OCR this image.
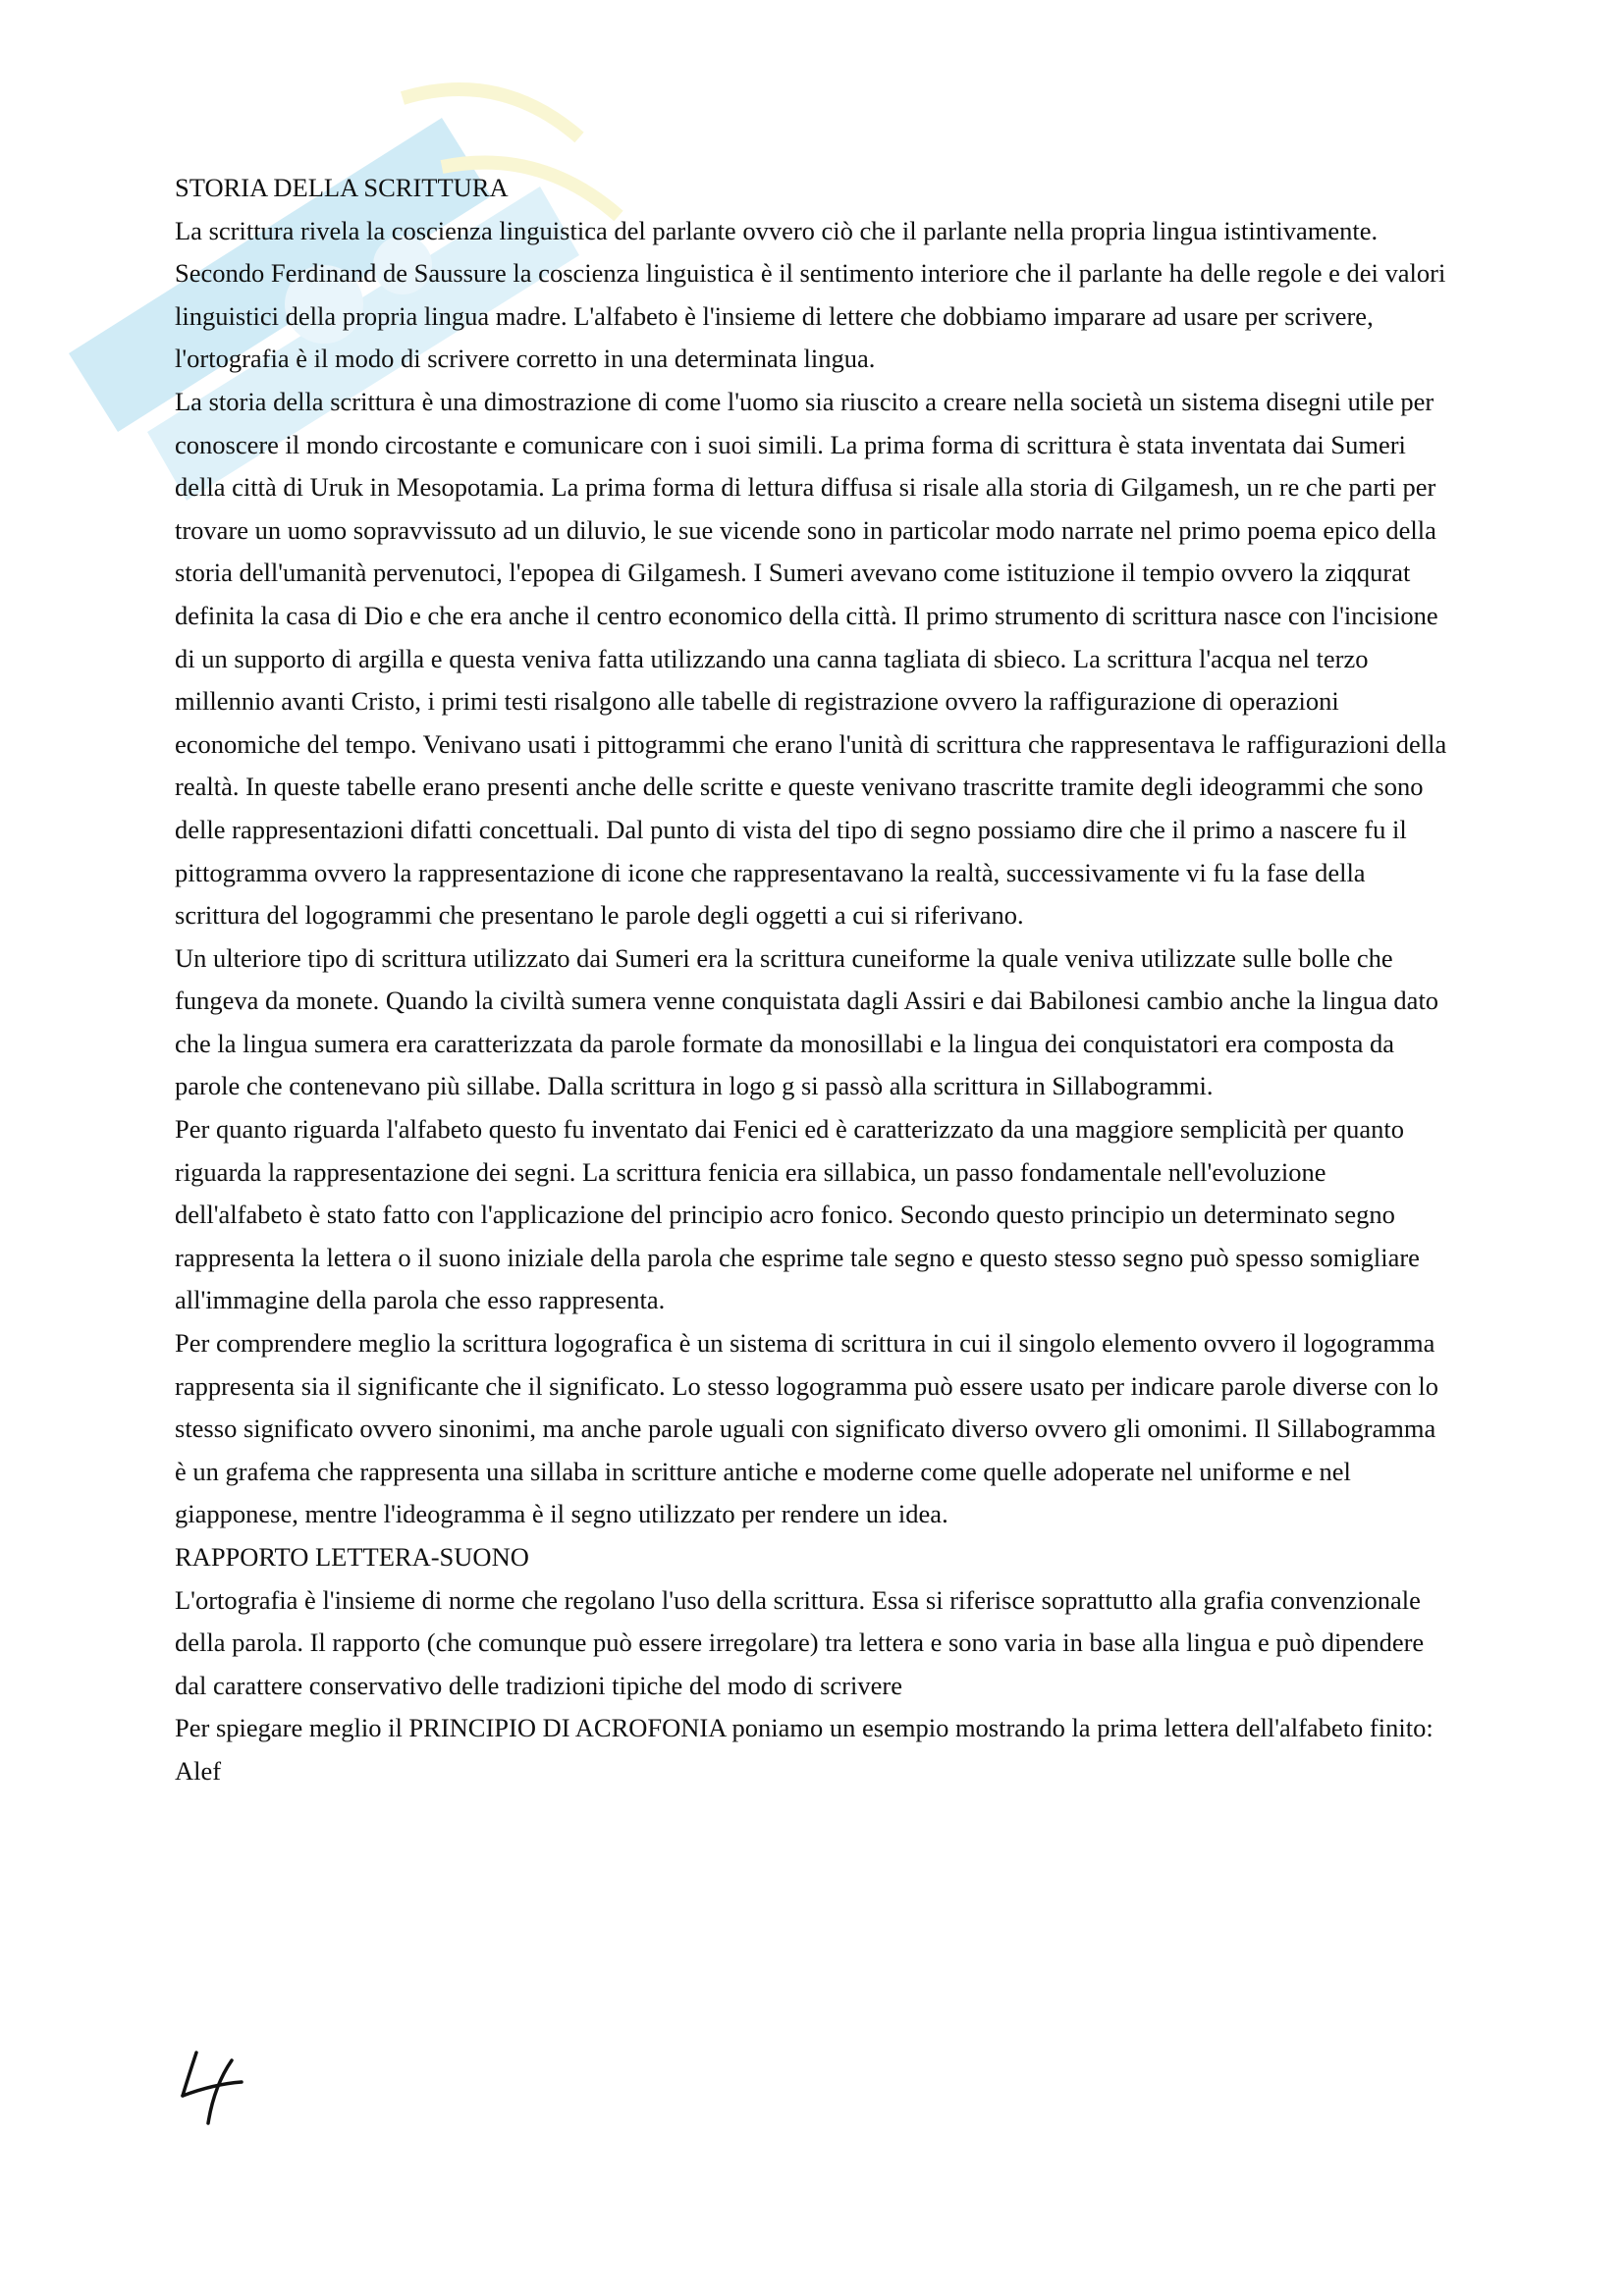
STORIA DELLA SCRITTURA

La scrittura rivela la coscienza linguistica del parlante ovvero ciò che il parlante nella propria lingua istintivamente. Secondo Ferdinand de Saussure la coscienza linguistica è il sentimento interiore che il parlante ha delle regole e dei valori linguistici della propria lingua madre. L'alfabeto è l'insieme di lettere che dobbiamo imparare ad usare per scrivere, l'ortografia è il modo di scrivere corretto in una determinata lingua.

La storia della scrittura è una dimostrazione di come l'uomo sia riuscito a creare nella società un sistema disegni utile per conoscere il mondo circostante e comunicare con i suoi simili. La prima forma di scrittura è stata inventata dai Sumeri della città di Uruk in Mesopotamia. La prima forma di lettura diffusa si risale alla storia di Gilgamesh, un re che parti per trovare un uomo sopravvissuto ad un diluvio, le sue vicende sono in particolar modo narrate nel primo poema epico della storia dell'umanità pervenutoci, l'epopea di Gilgamesh. I Sumeri avevano come istituzione il tempio ovvero la ziqqurat definita la casa di Dio e che era anche il centro economico della città. Il primo strumento di scrittura nasce con l'incisione di un supporto di argilla e questa veniva fatta utilizzando una canna tagliata di sbieco. La scrittura l'acqua nel terzo millennio avanti Cristo, i primi testi risalgono alle tabelle di registrazione ovvero la raffigurazione di operazioni economiche del tempo. Venivano usati i pittogrammi che erano l'unità di scrittura che rappresentava le raffigurazioni della realtà. In queste tabelle erano presenti anche delle scritte e queste venivano trascritte tramite degli ideogrammi che sono delle rappresentazioni difatti concettuali. Dal punto di vista del tipo di segno possiamo dire che il primo a nascere fu il pittogramma ovvero la rappresentazione di icone che rappresentavano la realtà, successivamente vi fu la fase della scrittura del logogrammi che presentano le parole degli oggetti a cui si riferivano.

Un ulteriore tipo di scrittura utilizzato dai Sumeri era la scrittura cuneiforme la quale veniva utilizzate sulle bolle che fungeva da monete. Quando la civiltà sumera venne conquistata dagli Assiri e dai Babilonesi cambio anche la lingua dato che la lingua sumera era caratterizzata da parole formate da monosillabi e la lingua dei conquistatori era composta da parole che contenevano più sillabe. Dalla scrittura in logo g si passò alla scrittura in Sillabogrammi.

Per quanto riguarda l'alfabeto questo fu inventato dai Fenici ed è caratterizzato da una maggiore semplicità per quanto riguarda la rappresentazione dei segni. La scrittura fenicia era sillabica, un passo fondamentale nell'evoluzione dell'alfabeto è stato fatto con l'applicazione del principio acro fonico. Secondo questo principio un determinato segno rappresenta la lettera o il suono iniziale della parola che esprime tale segno e questo stesso segno può spesso somigliare all'immagine della parola che esso rappresenta.

Per comprendere meglio la scrittura logografica è un sistema di scrittura in cui il singolo elemento ovvero il logogramma rappresenta sia il significante che il significato. Lo stesso logogramma può essere usato per indicare parole diverse con lo stesso significato ovvero sinonimi, ma anche parole uguali con significato diverso ovvero gli omonimi. Il Sillabogramma è un grafema che rappresenta una sillaba in scritture antiche e moderne come quelle adoperate nel uniforme e nel giapponese, mentre l'ideogramma è il segno utilizzato per rendere un idea.

RAPPORTO LETTERA-SUONO

L'ortografia è l'insieme di norme che regolano l'uso della scrittura. Essa si riferisce soprattutto alla grafia convenzionale della parola. Il rapporto (che comunque può essere irregolare) tra lettera e sono varia in base alla lingua e può dipendere dal carattere conservativo delle tradizioni tipiche del modo di scrivere

Per spiegare meglio il PRINCIPIO DI ACROFONIA poniamo un esempio mostrando la prima lettera dell'alfabeto finito: Alef
